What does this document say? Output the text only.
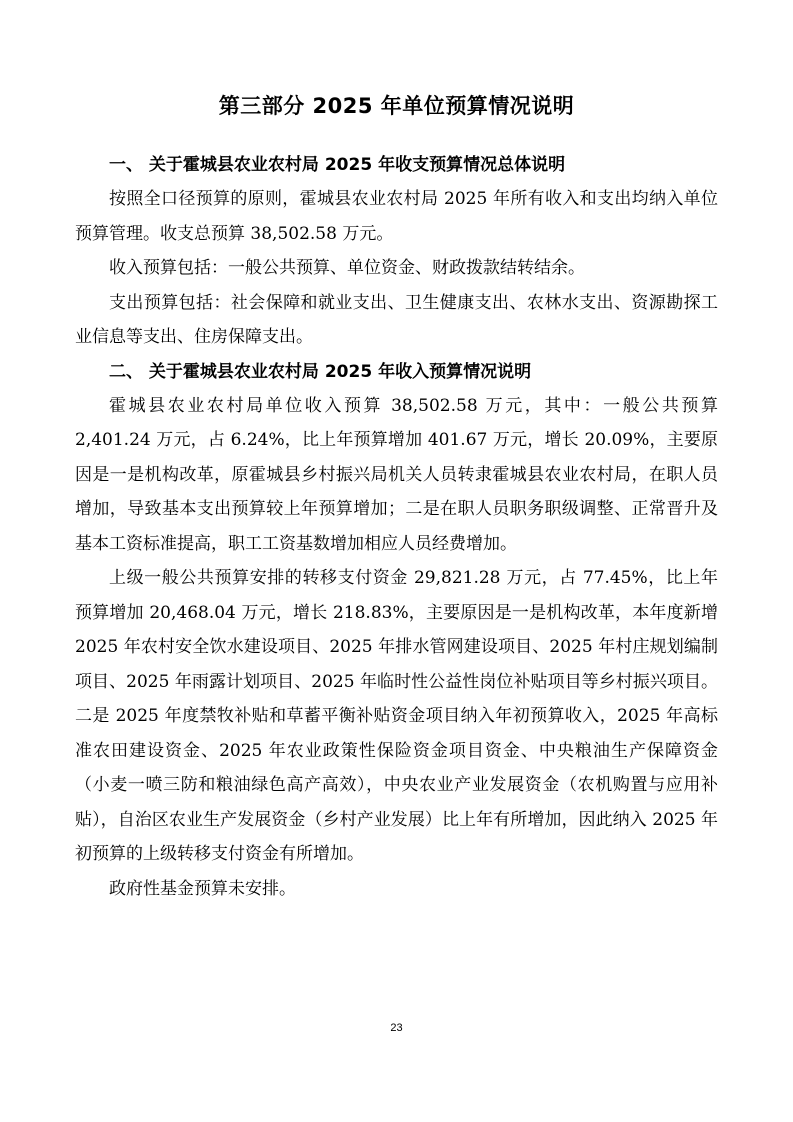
第三部分 2025 年单位预算情况说明

一、 关于霍城县农业农村局 2025 年收支预算情况总体说明

按照全口径预算的原则，霍城县农业农村局 2025 年所有收入和支出均纳入单位预算管理。收支总预算 38,502.58 万元。

收入预算包括：一般公共预算、单位资金、财政拨款结转结余。

支出预算包括：社会保障和就业支出、卫生健康支出、农林水支出、资源勘探工业信息等支出、住房保障支出。

二、 关于霍城县农业农村局 2025 年收入预算情况说明

霍城县农业农村局单位收入预算 38,502.58 万元，其中：一般公共预算 2,401.24 万元，占 6.24%，比上年预算增加 401.67 万元，增长 20.09%，主要原因是一是机构改革，原霍城县乡村振兴局机关人员转隶霍城县农业农村局，在职人员增加，导致基本支出预算较上年预算增加；二是在职人员职务职级调整、正常晋升及基本工资标准提高，职工工资基数增加相应人员经费增加。

上级一般公共预算安排的转移支付资金 29,821.28 万元，占 77.45%，比上年预算增加 20,468.04 万元，增长 218.83%，主要原因是一是机构改革，本年度新增 2025 年农村安全饮水建设项目、2025 年排水管网建设项目、2025 年村庄规划编制项目、2025 年雨露计划项目、2025 年临时性公益性岗位补贴项目等乡村振兴项目。二是 2025 年度禁牧补贴和草蓄平衡补贴资金项目纳入年初预算收入，2025 年高标准农田建设资金、2025 年农业政策性保险资金项目资金、中央粮油生产保障资金（小麦一喷三防和粮油绿色高产高效），中央农业产业发展资金（农机购置与应用补贴），自治区农业生产发展资金（乡村产业发展）比上年有所增加，因此纳入 2025 年初预算的上级转移支付资金有所增加。

政府性基金预算未安排。

23
